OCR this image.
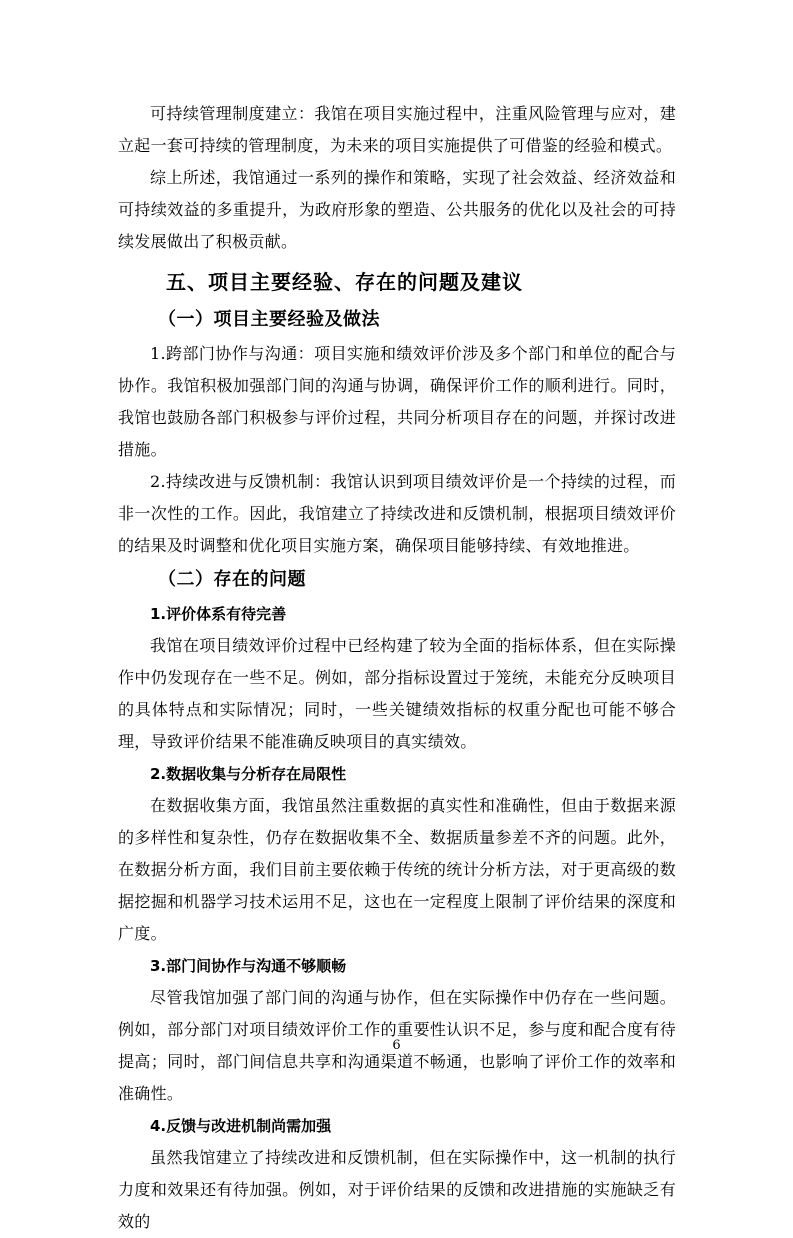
可持续管理制度建立：我馆在项目实施过程中，注重风险管理与应对，建立起一套可持续的管理制度，为未来的项目实施提供了可借鉴的经验和模式。

综上所述，我馆通过一系列的操作和策略，实现了社会效益、经济效益和可持续效益的多重提升，为政府形象的塑造、公共服务的优化以及社会的可持续发展做出了积极贡献。

五、项目主要经验、存在的问题及建议
（一）项目主要经验及做法

1.跨部门协作与沟通：项目实施和绩效评价涉及多个部门和单位的配合与协作。我馆积极加强部门间的沟通与协调，确保评价工作的顺利进行。同时，我馆也鼓励各部门积极参与评价过程，共同分析项目存在的问题，并探讨改进措施。

2.持续改进与反馈机制：我馆认识到项目绩效评价是一个持续的过程，而非一次性的工作。因此，我馆建立了持续改进和反馈机制，根据项目绩效评价的结果及时调整和优化项目实施方案，确保项目能够持续、有效地推进。

（二）存在的问题
1.评价体系有待完善

我馆在项目绩效评价过程中已经构建了较为全面的指标体系，但在实际操作中仍发现存在一些不足。例如，部分指标设置过于笼统，未能充分反映项目的具体特点和实际情况；同时，一些关键绩效指标的权重分配也可能不够合理，导致评价结果不能准确反映项目的真实绩效。

2.数据收集与分析存在局限性

在数据收集方面，我馆虽然注重数据的真实性和准确性，但由于数据来源的多样性和复杂性，仍存在数据收集不全、数据质量参差不齐的问题。此外，在数据分析方面，我们目前主要依赖于传统的统计分析方法，对于更高级的数据挖掘和机器学习技术运用不足，这也在一定程度上限制了评价结果的深度和广度。

3.部门间协作与沟通不够顺畅

尽管我馆加强了部门间的沟通与协作，但在实际操作中仍存在一些问题。例如，部分部门对项目绩效评价工作的重要性认识不足，参与度和配合度有待提高；同时，部门间信息共享和沟通渠道不畅通，也影响了评价工作的效率和准确性。

4.反馈与改进机制尚需加强

虽然我馆建立了持续改进和反馈机制，但在实际操作中，这一机制的执行力度和效果还有待加强。例如，对于评价结果的反馈和改进措施的实施缺乏有效的

6
